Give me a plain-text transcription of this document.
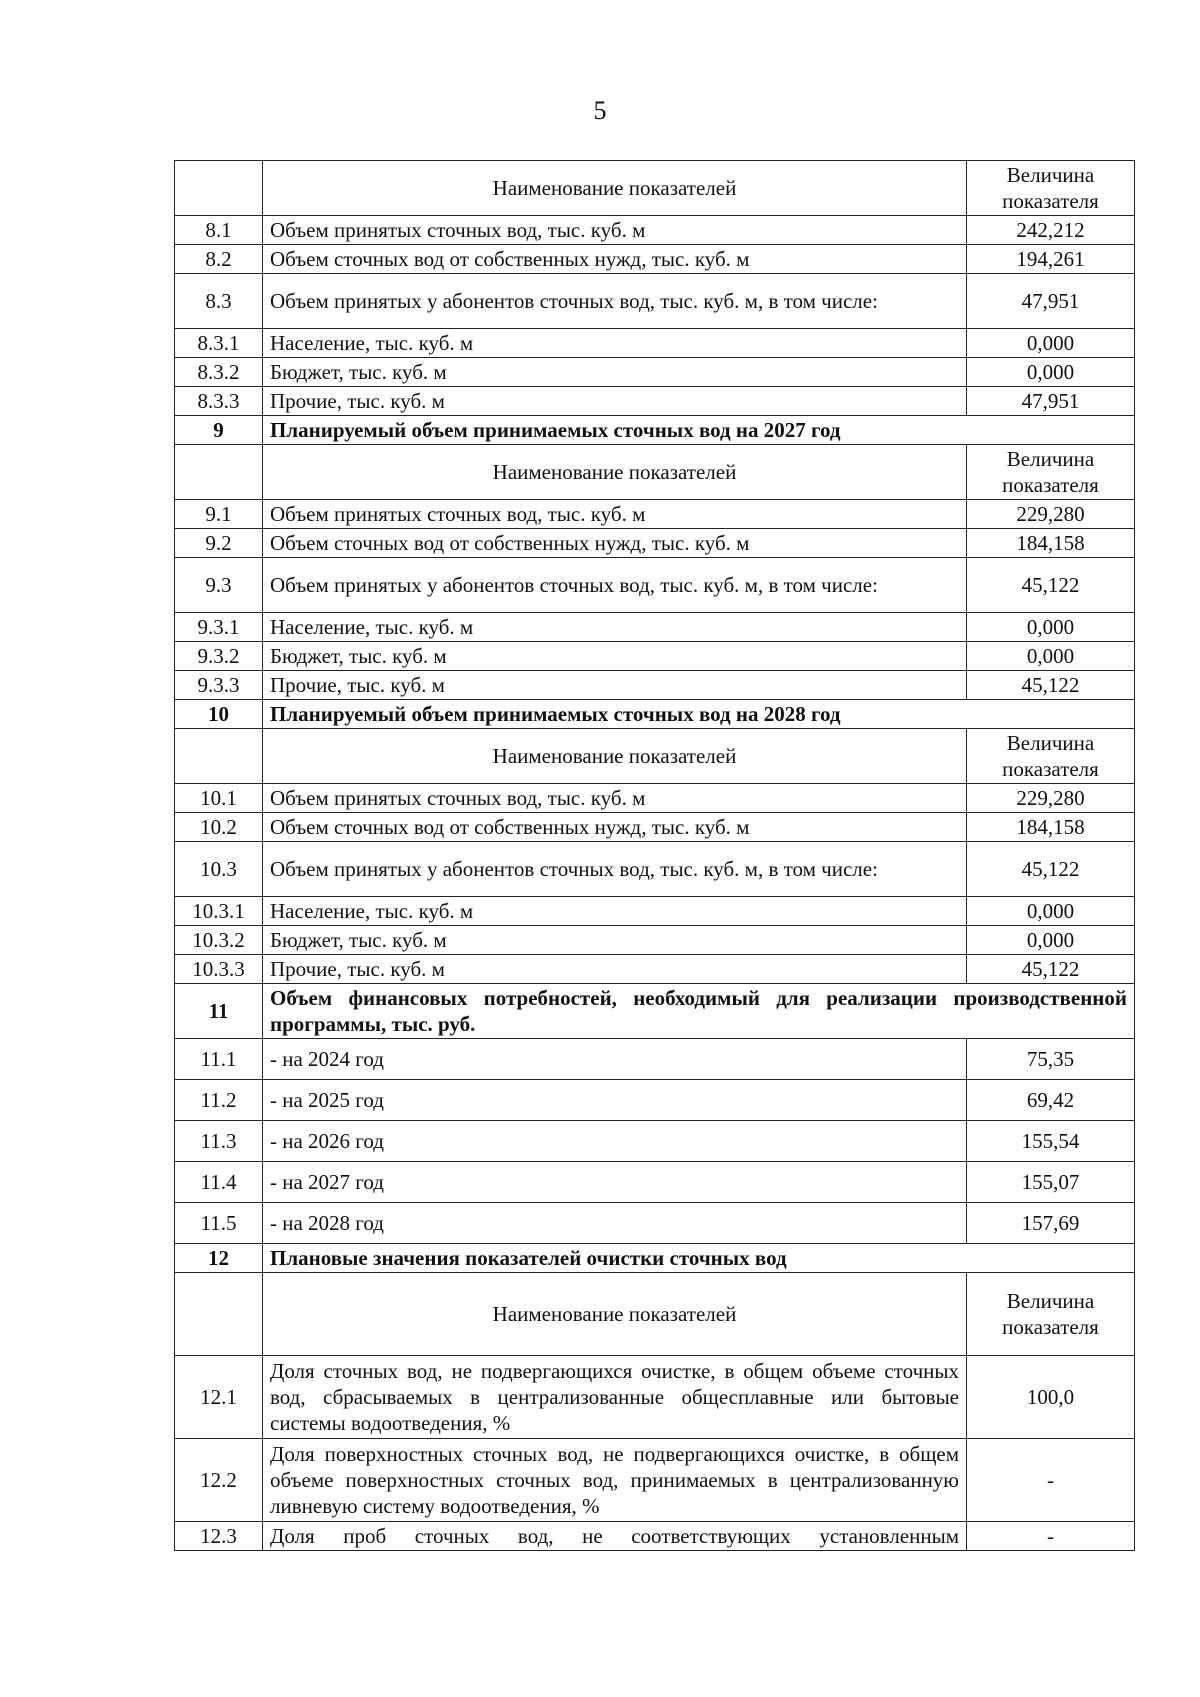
5
	Наименование показателей	Величина показателя
8.1	Объем принятых сточных вод, тыс. куб. м	242,212
8.2	Объем сточных вод от собственных нужд, тыс. куб. м	194,261
8.3	Объем принятых у абонентов сточных вод, тыс. куб. м, в том числе:	47,951
8.3.1	Население, тыс. куб. м	0,000
8.3.2	Бюджет, тыс. куб. м	0,000
8.3.3	Прочие, тыс. куб. м	47,951
9	Планируемый объем принимаемых сточных вод на 2027 год	
	Наименование показателей	Величина показателя
9.1	Объем принятых сточных вод, тыс. куб. м	229,280
9.2	Объем сточных вод от собственных нужд, тыс. куб. м	184,158
9.3	Объем принятых у абонентов сточных вод, тыс. куб. м, в том числе:	45,122
9.3.1	Население, тыс. куб. м	0,000
9.3.2	Бюджет, тыс. куб. м	0,000
9.3.3	Прочие, тыс. куб. м	45,122
10	Планируемый объем принимаемых сточных вод на 2028 год	
	Наименование показателей	Величина показателя
10.1	Объем принятых сточных вод, тыс. куб. м	229,280
10.2	Объем сточных вод от собственных нужд, тыс. куб. м	184,158
10.3	Объем принятых у абонентов сточных вод, тыс. куб. м, в том числе:	45,122
10.3.1	Население, тыс. куб. м	0,000
10.3.2	Бюджет, тыс. куб. м	0,000
10.3.3	Прочие, тыс. куб. м	45,122
11	Объем финансовых потребностей, необходимый для реализации производственной программы, тыс. руб.	
11.1	- на 2024 год	75,35
11.2	- на 2025 год	69,42
11.3	- на 2026 год	155,54
11.4	- на 2027 год	155,07
11.5	- на 2028 год	157,69
12	Плановые значения показателей очистки сточных вод	
	Наименование показателей	Величина показателя
12.1	Доля сточных вод, не подвергающихся очистке, в общем объеме сточных вод, сбрасываемых в централизованные общесплавные или бытовые системы водоотведения, %	100,0
12.2	Доля поверхностных сточных вод, не подвергающихся очистке, в общем объеме поверхностных сточных вод, принимаемых в централизованную ливневую систему водоотведения, %	-
12.3	Доля проб сточных вод, не соответствующих установленным	-
